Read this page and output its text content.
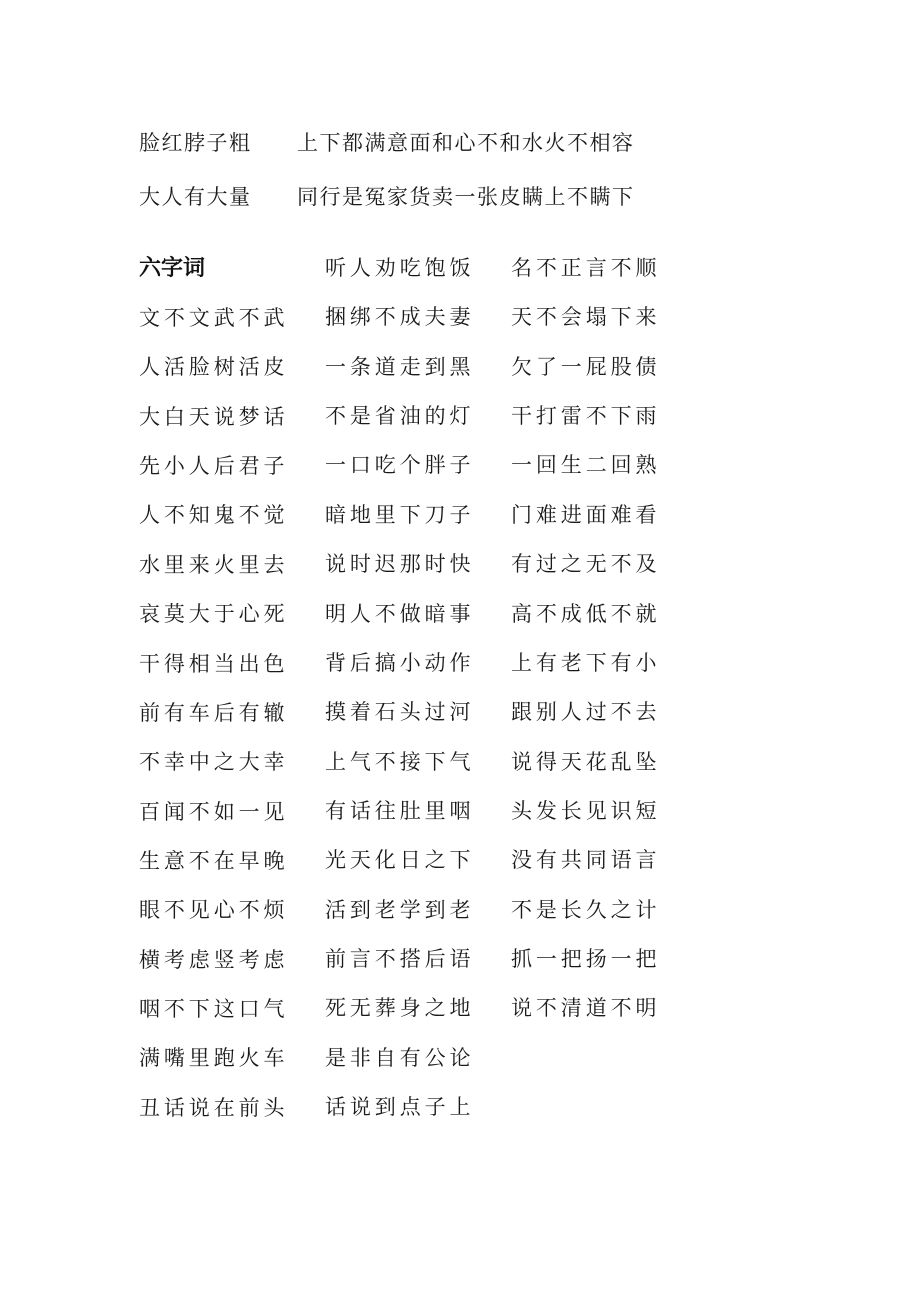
脸红脖子粗 上下都满意面和心不和水火不相容
大人有大量 同行是冤家货卖一张皮瞒上不瞒下
六字词
文不文武不武
人活脸树活皮
大白天说梦话
先小人后君子
人不知鬼不觉
水里来火里去
哀莫大于心死
干得相当出色
前有车后有辙
不幸中之大幸
百闻不如一见
生意不在早晚
眼不见心不烦
横考虑竖考虑
咽不下这口气
满嘴里跑火车
丑话说在前头
听人劝吃饱饭
捆绑不成夫妻
一条道走到黑
不是省油的灯
一口吃个胖子
暗地里下刀子
说时迟那时快
明人不做暗事
背后搞小动作
摸着石头过河
上气不接下气
有话往肚里咽
光天化日之下
活到老学到老
前言不搭后语
死无葬身之地
是非自有公论
话说到点子上
名不正言不顺
天不会塌下来
欠了一屁股债
干打雷不下雨
一回生二回熟
门难进面难看
有过之无不及
高不成低不就
上有老下有小
跟别人过不去
说得天花乱坠
头发长见识短
没有共同语言
不是长久之计
抓一把扬一把
说不清道不明
